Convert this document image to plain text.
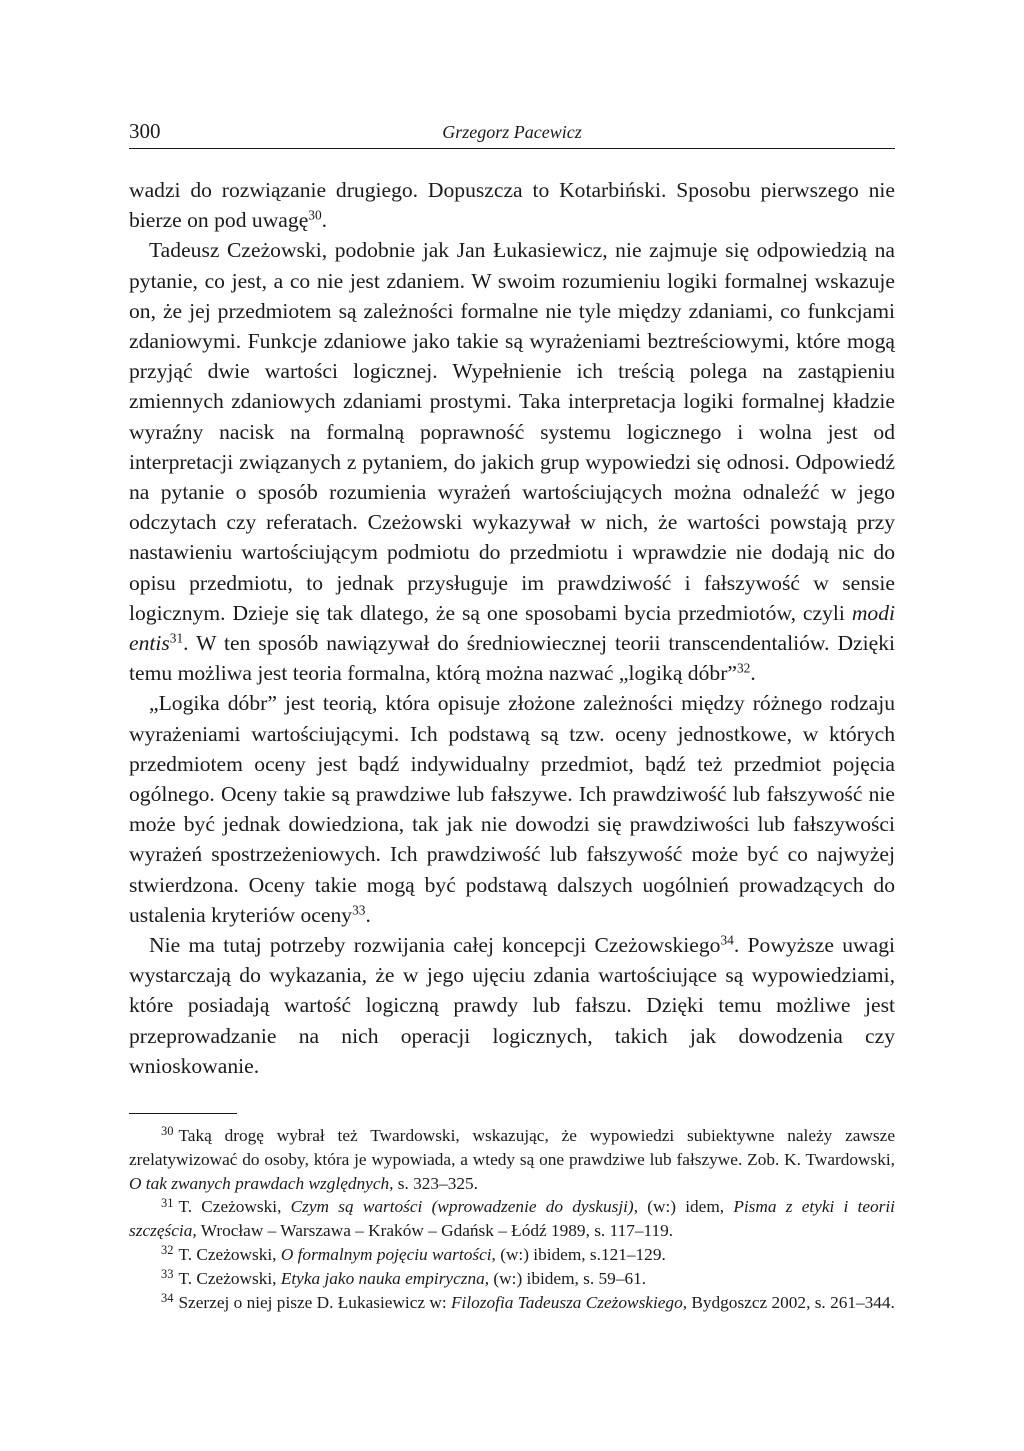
300	Grzegorz Pacewicz

wadzi do rozwiązanie drugiego. Dopuszcza to Kotarbiński. Sposobu pierwszego nie bierze on pod uwagę$^{30}$.

Tadeusz Czeżowski, podobnie jak Jan Łukasiewicz, nie zajmuje się odpowiedzią na pytanie, co jest, a co nie jest zdaniem. W swoim rozumieniu logiki formalnej wskazuje on, że jej przedmiotem są zależności formalne nie tyle między zdaniami, co funkcjami zdaniowymi. Funkcje zdaniowe jako takie są wyrażeniami beztreściowymi, które mogą przyjąć dwie wartości logicznej. Wypełnienie ich treścią polega na zastąpieniu zmiennych zdaniowych zdaniami prostymi. Taka interpretacja logiki formalnej kładzie wyraźny nacisk na formalną poprawność systemu logicznego i wolna jest od interpretacji związanych z pytaniem, do jakich grup wypowiedzi się odnosi. Odpowiedź na pytanie o sposób rozumienia wyrażeń wartościujących można odnaleźć w jego odczytach czy referatach. Czeżowski wykazywał w nich, że wartości powstają przy nastawieniu wartościującym podmiotu do przedmiotu i wprawdzie nie dodają nic do opisu przedmiotu, to jednak przysługuje im prawdziwość i fałszywość w sensie logicznym. Dzieje się tak dlatego, że są one sposobami bycia przedmiotów, czyli modi entis$^{31}$. W ten sposób nawiązywał do średniowiecznej teorii transcendentaliów. Dzięki temu możliwa jest teoria formalna, którą można nazwać „logiką dóbr”$^{32}$.

„Logika dóbr” jest teorią, która opisuje złożone zależności między różnego rodzaju wyrażeniami wartościującymi. Ich podstawą są tzw. oceny jednostkowe, w których przedmiotem oceny jest bądź indywidualny przedmiot, bądź też przedmiot pojęcia ogólnego. Oceny takie są prawdziwe lub fałszywe. Ich prawdziwość lub fałszywość nie może być jednak dowiedziona, tak jak nie dowodzi się prawdziwości lub fałszywości wyrażeń spostrzeżeniowych. Ich prawdziwość lub fałszywość może być co najwyżej stwierdzona. Oceny takie mogą być podstawą dalszych uogólnień prowadzących do ustalenia kryteriów oceny$^{33}$.

Nie ma tutaj potrzeby rozwijania całej koncepcji Czeżowskiego$^{34}$. Powyższe uwagi wystarczają do wykazania, że w jego ujęciu zdania wartościujące są wypowiedziami, które posiadają wartość logiczną prawdy lub fałszu. Dzięki temu możliwe jest przeprowadzanie na nich operacji logicznych, takich jak dowodzenia czy wnioskowanie.

$^{30}$ Taką drogę wybrał też Twardowski, wskazując, że wypowiedzi subiektywne należy zawsze zrelatywizować do osoby, która je wypowiada, a wtedy są one prawdziwe lub fałszywe. Zob. K. Twardowski, O tak zwanych prawdach względnych, s. 323–325.

$^{31}$ T. Czeżowski, Czym są wartości (wprowadzenie do dyskusji), (w:) idem, Pisma z etyki i teorii szczęścia, Wrocław – Warszawa – Kraków – Gdańsk – Łódź 1989, s. 117–119.

$^{32}$ T. Czeżowski, O formalnym pojęciu wartości, (w:) ibidem, s.121–129.

$^{33}$ T. Czeżowski, Etyka jako nauka empiryczna, (w:) ibidem, s. 59–61.

$^{34}$ Szerzej o niej pisze D. Łukasiewicz w: Filozofia Tadeusza Czeżowskiego, Bydgoszcz 2002, s. 261–344.
